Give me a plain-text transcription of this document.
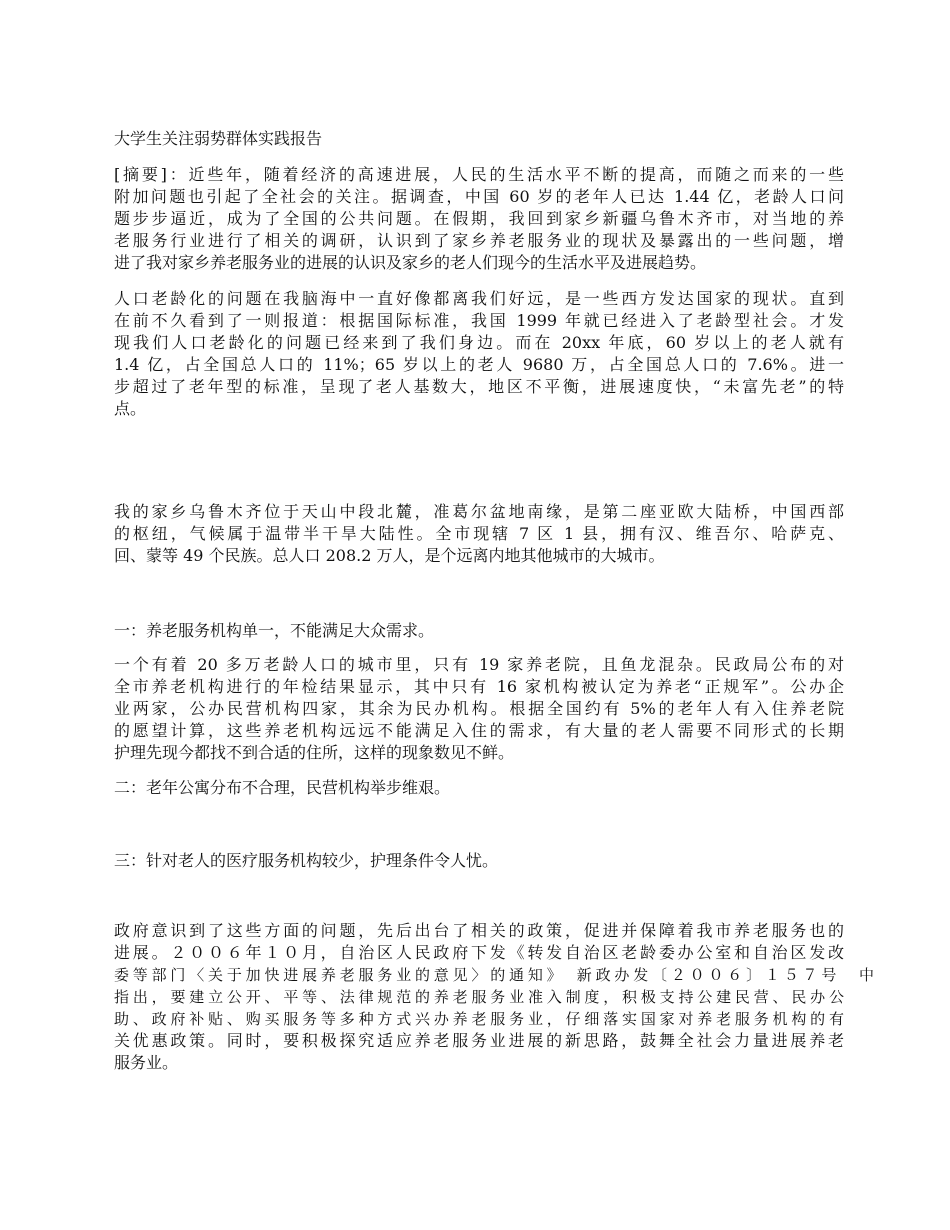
大学生关注弱势群体实践报告
[摘要]：近些年，随着经济的高速进展，人民的生活水平不断的提高，而随之而来的一些
附加问题也引起了全社会的关注。据调查，中国 60 岁的老年人已达 1.44 亿，老龄人口问
题步步逼近，成为了全国的公共问题。在假期，我回到家乡新疆乌鲁木齐市，对当地的养
老服务行业进行了相关的调研，认识到了家乡养老服务业的现状及暴露出的一些问题，增
进了我对家乡养老服务业的进展的认识及家乡的老人们现今的生活水平及进展趋势。
人口老龄化的问题在我脑海中一直好像都离我们好远，是一些西方发达国家的现状。直到
在前不久看到了一则报道：根据国际标准，我国 1999 年就已经进入了老龄型社会。才发
现我们人口老龄化的问题已经来到了我们身边。而在 20xx 年底，60 岁以上的老人就有
1.4 亿，占全国总人口的 11%；65 岁以上的老人 9680 万，占全国总人口的 7.6%。进一
步超过了老年型的标准，呈现了老人基数大，地区不平衡，进展速度快，“未富先老”的特
点。
我的家乡乌鲁木齐位于天山中段北麓，准葛尔盆地南缘，是第二座亚欧大陆桥，中国西部
的枢纽，气候属于温带半干旱大陆性。全市现辖 7 区 1 县，拥有汉、维吾尔、哈萨克、
回、蒙等 49 个民族。总人口 208.2 万人，是个远离内地其他城市的大城市。
一：养老服务机构单一，不能满足大众需求。
一个有着 20 多万老龄人口的城市里，只有 19 家养老院，且鱼龙混杂。民政局公布的对
全市养老机构进行的年检结果显示，其中只有 16 家机构被认定为养老“正规军”。公办企
业两家，公办民营机构四家，其余为民办机构。根据全国约有 5%的老年人有入住养老院
的愿望计算，这些养老机构远远不能满足入住的需求，有大量的老人需要不同形式的长期
护理先现今都找不到合适的住所，这样的现象数见不鲜。
二：老年公寓分布不合理，民营机构举步维艰。
三：针对老人的医疗服务机构较少，护理条件令人忧。
政府意识到了这些方面的问题，先后出台了相关的政策，促进并保障着我市养老服务也的
进展。２００６年１０月，自治区人民政府下发《转发自治区老龄委办公室和自治区发改
委等部门〈关于加快进展养老服务业的意见〉的通知》　新政办发〔２００６〕１５７号　中
指出，要建立公开、平等、法律规范的养老服务业准入制度，积极支持公建民营、民办公
助、政府补贴、购买服务等多种方式兴办养老服务业，仔细落实国家对养老服务机构的有
关优惠政策。同时，要积极探究适应养老服务业进展的新思路，鼓舞全社会力量进展养老
服务业。
